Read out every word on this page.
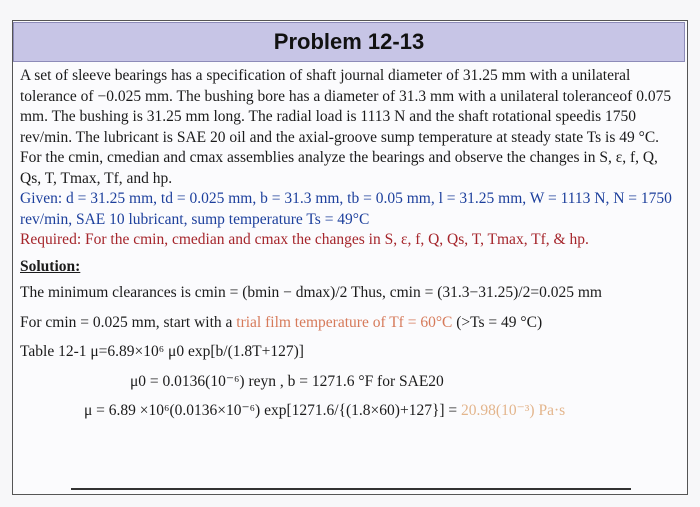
Problem 12-13

A set of sleeve bearings has a specification of shaft journal diameter of 31.25 mm with a unilateral tolerance of −0.025 mm. The bushing bore has a diameter of 31.3 mm with a unilateral toleranceof 0.075 mm. The bushing is 31.25 mm long. The radial load is 1113 N and the shaft rotational speedis 1750 rev/min. The lubricant is SAE 20 oil and the axial-groove sump temperature at steady state Ts is 49 °C. For the cmin, cmedian and cmax assemblies analyze the bearings and observe the changes in S, ε, f, Q, Qs, T, Tmax, Tf, and hp.

Given: d = 31.25 mm, td = 0.025 mm, b = 31.3 mm, tb = 0.05 mm, l = 31.25 mm, W = 1113 N, N = 1750 rev/min, SAE 10 lubricant, sump temperature Ts = 49°C

Required: For the cmin, cmedian and cmax the changes in S, ε, f, Q, Qs, T, Tmax, Tf, & hp.

Solution:

The minimum clearances is cmin = (bmin − dmax)/2 Thus, cmin = (31.3−31.25)/2=0.025 mm

For cmin = 0.025 mm, start with a trial film temperature of Tf = 60°C (>Ts = 49 °C)

Table 12-1 μ=6.89×10⁶ μ0 exp[b/(1.8T+127)]

μ0 = 0.0136(10⁻⁶) reyn , b = 1271.6 °F for SAE20

μ = 6.89 ×10⁶(0.0136×10⁻⁶) exp[1271.6/{(1.8×60)+127}] = 20.98(10⁻³) Pa·s
